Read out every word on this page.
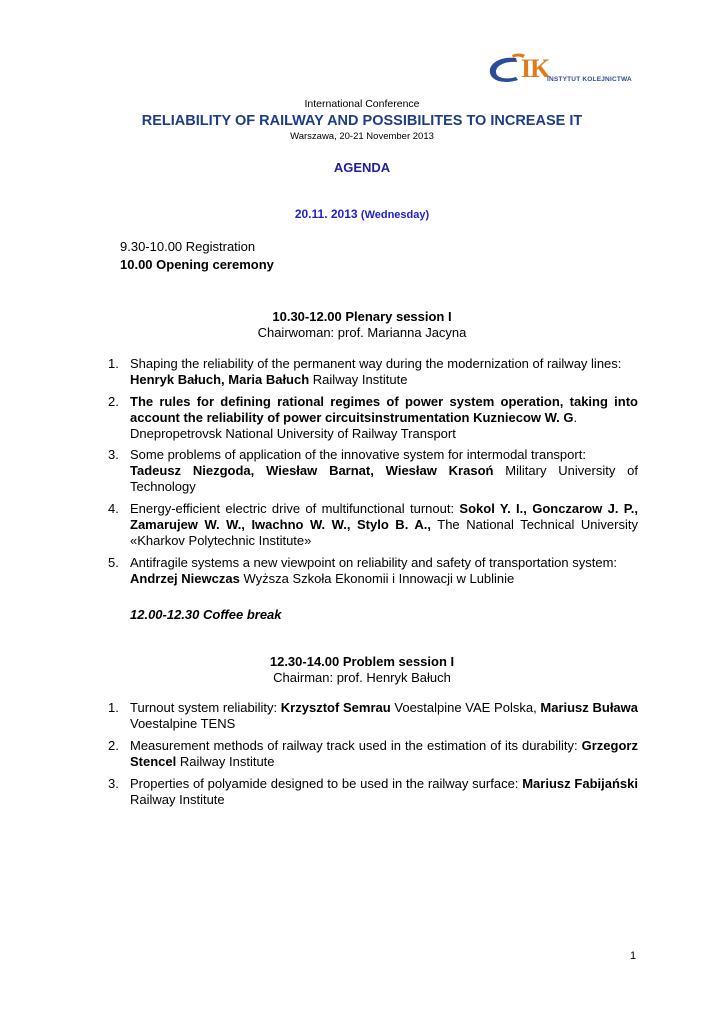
IK
INSTYTUT KOLEJNICTWA
International Conference
RELIABILITY OF RAILWAY AND POSSIBILITES TO INCREASE IT
Warszawa, 20-21 November 2013
AGENDA
20.11. 2013 (Wednesday)
9.30-10.00 Registration
10.00 Opening ceremony
10.30-12.00 Plenary session I
Chairwoman: prof. Marianna Jacyna
1. Shaping the reliability of the permanent way during the modernization of railway lines:

Henryk Bałuch, Maria Bałuch Railway Institute

2. The rules for defining rational regimes of power system operation, taking into account the reliability of power circuitsinstrumentation Kuzniecow W. G.

Dnepropetrovsk National University of Railway Transport

3. Some problems of application of the innovative system for intermodal transport:

Tadeusz Niezgoda, Wiesław Barnat, Wiesław Krasoń Military University of Technology

4. Energy-efficient electric drive of multifunctional turnout: Sokol Y. I., Gonczarow J. P., Zamarujew W. W., Iwachno W. W., Stylo B. A., The National Technical University «Kharkov Polytechnic Institute»

5. Antifragile systems a new viewpoint on reliability and safety of transportation system:

Andrzej Niewczas Wyższa Szkoła Ekonomii i Innowacji w Lublinie

12.00-12.30 Coffee break
12.30-14.00 Problem session I
Chairman: prof. Henryk Bałuch
1. Turnout system reliability: Krzysztof Semrau Voestalpine VAE Polska, Mariusz Buława Voestalpine TENS

2. Measurement methods of railway track used in the estimation of its durability: Grzegorz Stencel Railway Institute

3. Properties of polyamide designed to be used in the railway surface: Mariusz Fabijański Railway Institute

1
